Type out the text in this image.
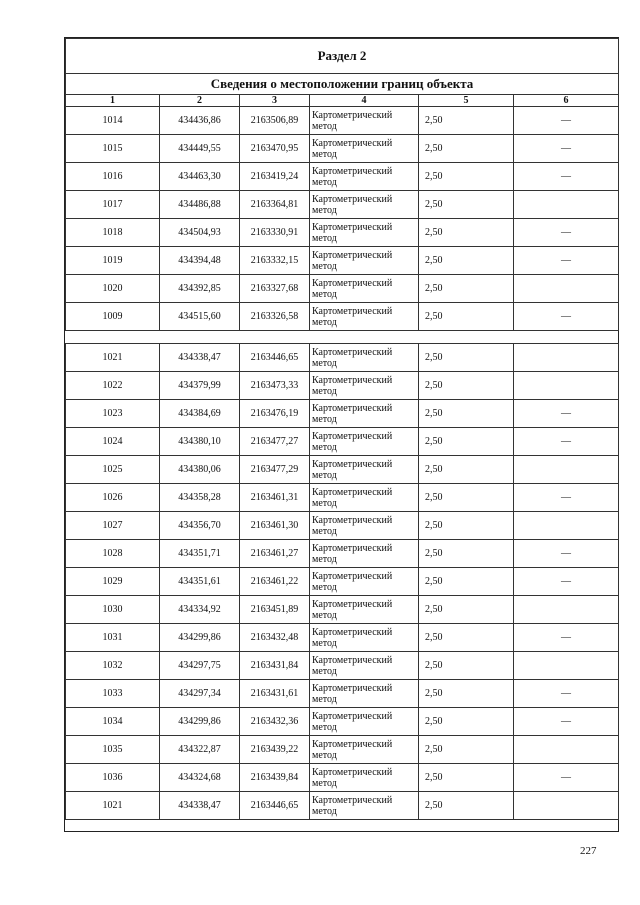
Раздел 2					
Сведения о местоположении границ объекта					
1	2	3	4	5	6
1014	434436,86	2163506,89	Картометрический метод	2,50	—
1015	434449,55	2163470,95	Картометрический метод	2,50	—
1016	434463,30	2163419,24	Картометрический метод	2,50	—
1017	434486,88	2163364,81	Картометрический метод	2,50	
1018	434504,93	2163330,91	Картометрический метод	2,50	—
1019	434394,48	2163332,15	Картометрический метод	2,50	—
1020	434392,85	2163327,68	Картометрический метод	2,50	
1009	434515,60	2163326,58	Картометрический метод	2,50	—

1021	434338,47	2163446,65	Картометрический метод	2,50	
1022	434379,99	2163473,33	Картометрический метод	2,50	
1023	434384,69	2163476,19	Картометрический метод	2,50	—
1024	434380,10	2163477,27	Картометрический метод	2,50	—
1025	434380,06	2163477,29	Картометрический метод	2,50	
1026	434358,28	2163461,31	Картометрический метод	2,50	—
1027	434356,70	2163461,30	Картометрический метод	2,50	
1028	434351,71	2163461,27	Картометрический метод	2,50	—
1029	434351,61	2163461,22	Картометрический метод	2,50	—
1030	434334,92	2163451,89	Картометрический метод	2,50	
1031	434299,86	2163432,48	Картометрический метод	2,50	—
1032	434297,75	2163431,84	Картометрический метод	2,50	
1033	434297,34	2163431,61	Картометрический метод	2,50	—
1034	434299,86	2163432,36	Картометрический метод	2,50	—
1035	434322,87	2163439,22	Картометрический метод	2,50	
1036	434324,68	2163439,84	Картометрический метод	2,50	—
1021	434338,47	2163446,65	Картометрический метод	2,50	

227
